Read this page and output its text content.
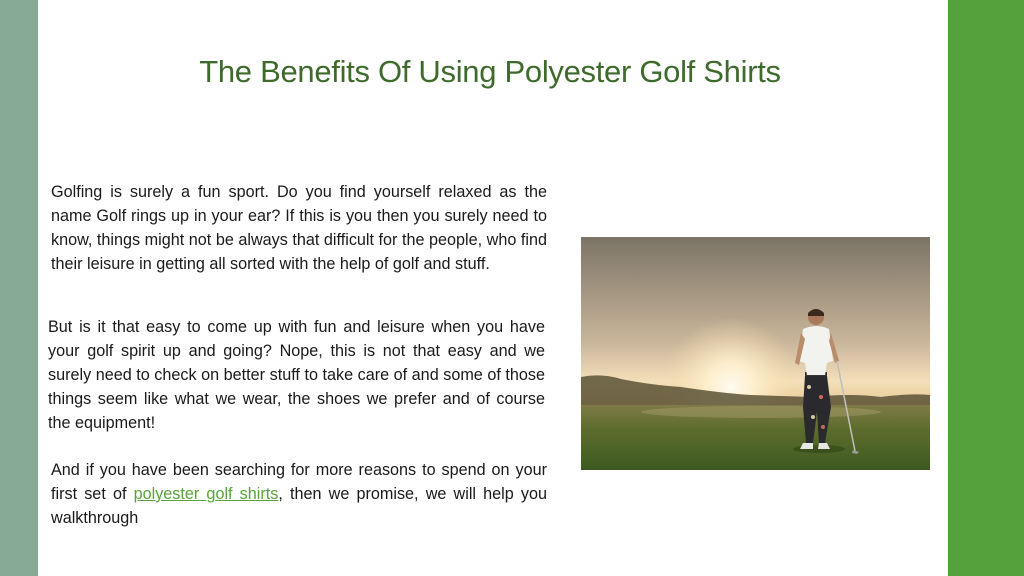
The Benefits Of Using Polyester Golf Shirts

Golfing is surely a fun sport. Do you find yourself relaxed as the name Golf rings up in your ear? If this is you then you surely need to know, things might not be always that difficult for the people, who find their leisure in getting all sorted with the help of golf and stuff.

But is it that easy to come up with fun and leisure when you have your golf spirit up and going? Nope, this is not that easy and we surely need to check on better stuff to take care of and some of those things seem like what we wear, the shoes we prefer and of course the equipment!

And if you have been searching for more reasons to spend on your first set of polyester golf shirts, then we promise, we will help you walkthrough
